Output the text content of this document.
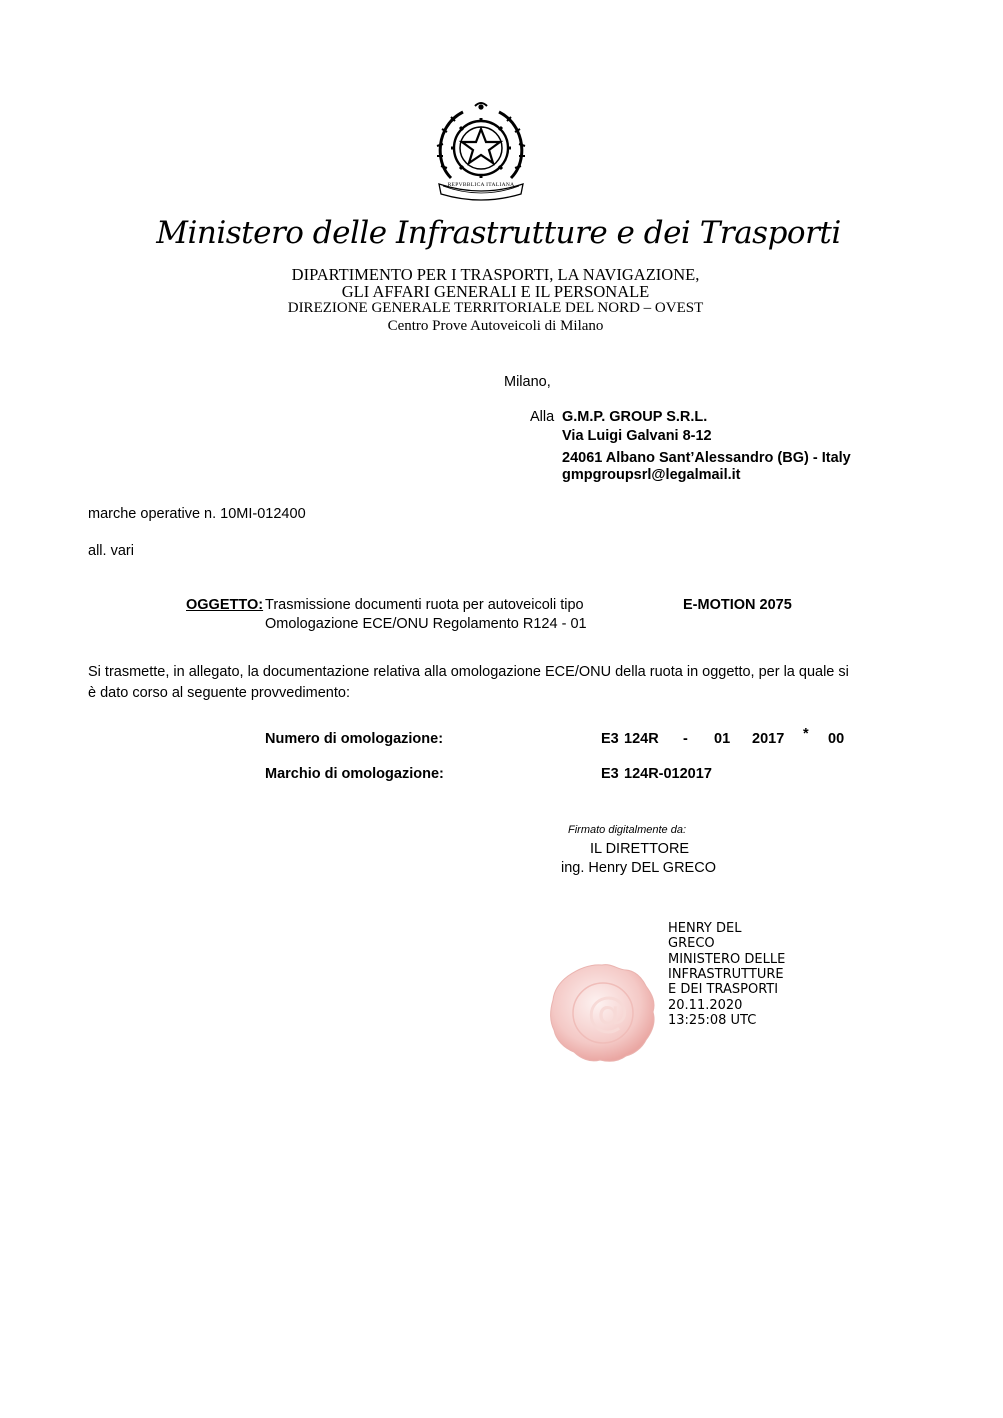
REPVBBLICA ITALIANA
Ministero delle Infrastrutture e dei Trasporti
DIPARTIMENTO PER I TRASPORTI, LA NAVIGAZIONE,
GLI AFFARI GENERALI E IL PERSONALE
DIREZIONE GENERALE TERRITORIALE DEL NORD – OVEST
Centro Prove Autoveicoli di Milano
Milano,
Alla G.M.P. GROUP S.R.L.
Via Luigi Galvani 8-12
24061 Albano Sant’Alessandro (BG) - Italy
gmpgroupsrl@legalmail.it
marche operative n. 10MI-012400
all. vari
OGGETTO: Trasmissione documenti ruota per autoveicoli tipo
Omologazione ECE/ONU Regolamento R124 - 01
E-MOTION 2075
Si trasmette, in allegato, la documentazione relativa alla omologazione ECE/ONU della ruota in oggetto, per la quale si
è dato corso al seguente provvedimento:
Numero di omologazione:	E3 124R - 01 2017 * 00
Marchio di omologazione:	E3 124R-012017
Firmato digitalmente da:
IL DIRETTORE
ing. Henry DEL GRECO
@
HENRY DEL
GRECO
MINISTERO DELLE
INFRASTRUTTURE
E DEI TRASPORTI
20.11.2020
13:25:08 UTC
